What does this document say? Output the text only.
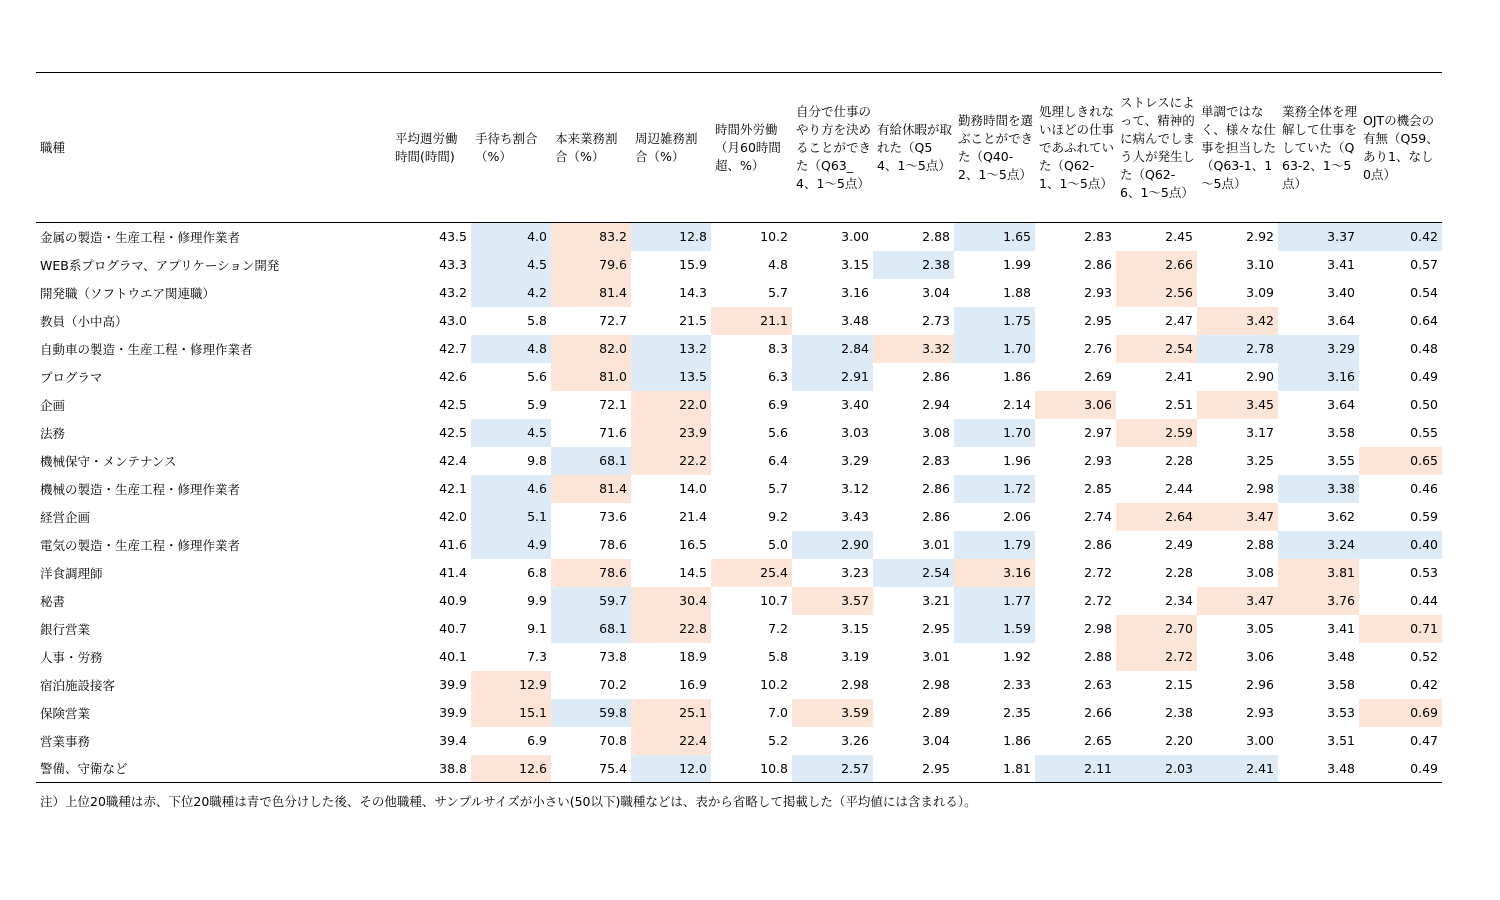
職種	平均週労働時間(時間)	手待ち割合（%）	本来業務割合（%）	周辺雑務割合（%）	時間外労働（月60時間超、%）	自分で仕事のやり方を決めることができた（Q63_4、1～5点）	有給休暇が取れた（Q54、1～5点）	勤務時間を選ぶことができた（Q40-2、1～5点）	処理しきれないほどの仕事であふれていた（Q62-1、1～5点）	ストレスによって、精神的に病んでしまう人が発生した（Q62-6、1～5点）	単調ではなく、様々な仕事を担当した（Q63-1、1～5点）	業務全体を理解して仕事をしていた（Q63-2、1～5点）	OJTの機会の有無（Q59、あり1、なし0点）
金属の製造・生産工程・修理作業者	43.5	4.0	83.2	12.8	10.2	3.00	2.88	1.65	2.83	2.45	2.92	3.37	0.42
WEB系プログラマ、アプリケーション開発	43.3	4.5	79.6	15.9	4.8	3.15	2.38	1.99	2.86	2.66	3.10	3.41	0.57
開発職（ソフトウエア関連職）	43.2	4.2	81.4	14.3	5.7	3.16	3.04	1.88	2.93	2.56	3.09	3.40	0.54
教員（小中高）	43.0	5.8	72.7	21.5	21.1	3.48	2.73	1.75	2.95	2.47	3.42	3.64	0.64
自動車の製造・生産工程・修理作業者	42.7	4.8	82.0	13.2	8.3	2.84	3.32	1.70	2.76	2.54	2.78	3.29	0.48
プログラマ	42.6	5.6	81.0	13.5	6.3	2.91	2.86	1.86	2.69	2.41	2.90	3.16	0.49
企画	42.5	5.9	72.1	22.0	6.9	3.40	2.94	2.14	3.06	2.51	3.45	3.64	0.50
法務	42.5	4.5	71.6	23.9	5.6	3.03	3.08	1.70	2.97	2.59	3.17	3.58	0.55
機械保守・メンテナンス	42.4	9.8	68.1	22.2	6.4	3.29	2.83	1.96	2.93	2.28	3.25	3.55	0.65
機械の製造・生産工程・修理作業者	42.1	4.6	81.4	14.0	5.7	3.12	2.86	1.72	2.85	2.44	2.98	3.38	0.46
経営企画	42.0	5.1	73.6	21.4	9.2	3.43	2.86	2.06	2.74	2.64	3.47	3.62	0.59
電気の製造・生産工程・修理作業者	41.6	4.9	78.6	16.5	5.0	2.90	3.01	1.79	2.86	2.49	2.88	3.24	0.40
洋食調理師	41.4	6.8	78.6	14.5	25.4	3.23	2.54	3.16	2.72	2.28	3.08	3.81	0.53
秘書	40.9	9.9	59.7	30.4	10.7	3.57	3.21	1.77	2.72	2.34	3.47	3.76	0.44
銀行営業	40.7	9.1	68.1	22.8	7.2	3.15	2.95	1.59	2.98	2.70	3.05	3.41	0.71
人事・労務	40.1	7.3	73.8	18.9	5.8	3.19	3.01	1.92	2.88	2.72	3.06	3.48	0.52
宿泊施設接客	39.9	12.9	70.2	16.9	10.2	2.98	2.98	2.33	2.63	2.15	2.96	3.58	0.42
保険営業	39.9	15.1	59.8	25.1	7.0	3.59	2.89	2.35	2.66	2.38	2.93	3.53	0.69
営業事務	39.4	6.9	70.8	22.4	5.2	3.26	3.04	1.86	2.65	2.20	3.00	3.51	0.47
警備、守衛など	38.8	12.6	75.4	12.0	10.8	2.57	2.95	1.81	2.11	2.03	2.41	3.48	0.49
注）上位20職種は赤、下位20職種は青で色分けした後、その他職種、サンプルサイズが小さい(50以下)職種などは、表から省略して掲載した（平均値には含まれる）。
